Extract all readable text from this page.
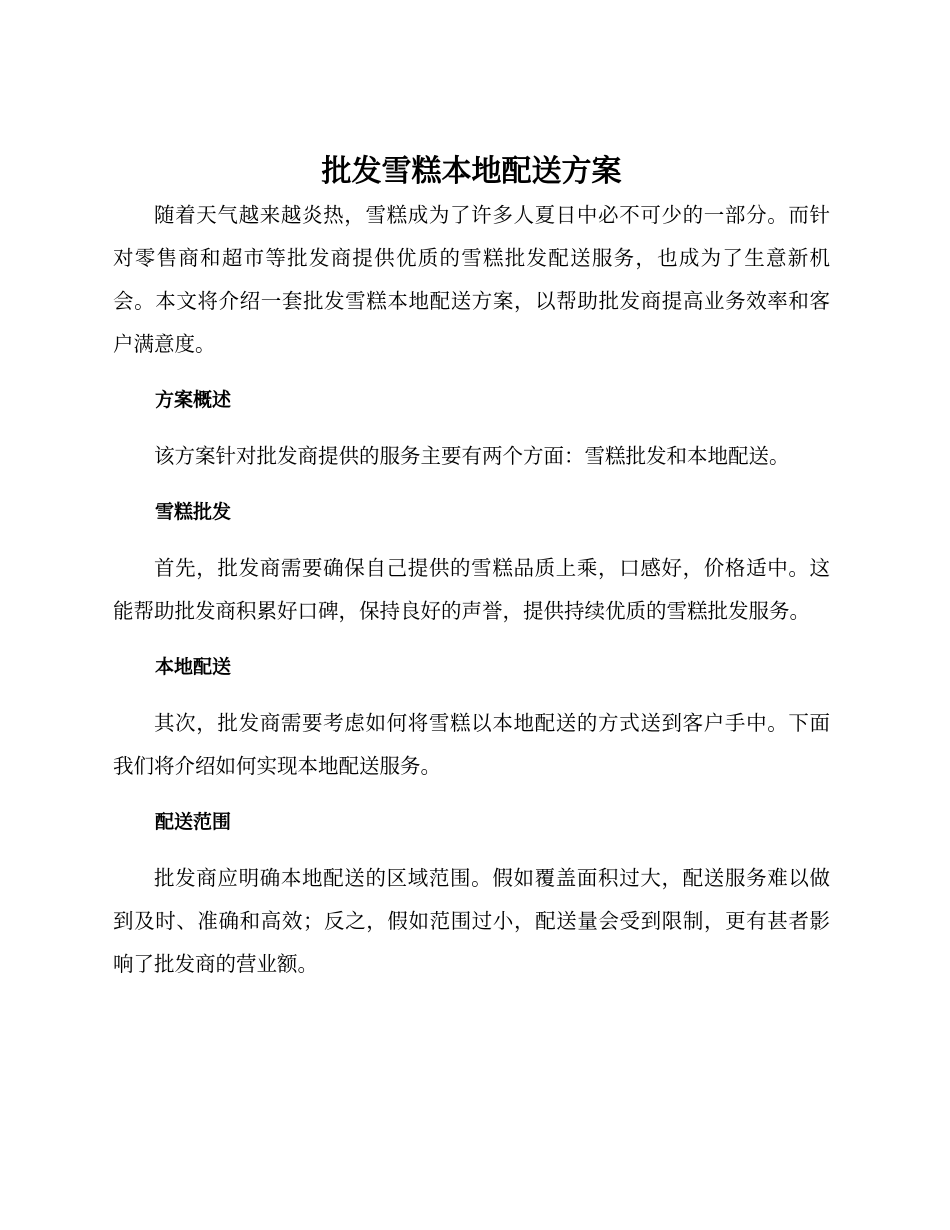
批发雪糕本地配送方案

随着天气越来越炎热，雪糕成为了许多人夏日中必不可少的一部分。而针对零售商和超市等批发商提供优质的雪糕批发配送服务，也成为了生意新机会。本文将介绍一套批发雪糕本地配送方案，以帮助批发商提高业务效率和客户满意度。

方案概述

该方案针对批发商提供的服务主要有两个方面：雪糕批发和本地配送。

雪糕批发

首先，批发商需要确保自己提供的雪糕品质上乘，口感好，价格适中。这能帮助批发商积累好口碑，保持良好的声誉，提供持续优质的雪糕批发服务。

本地配送

其次，批发商需要考虑如何将雪糕以本地配送的方式送到客户手中。下面我们将介绍如何实现本地配送服务。

配送范围

批发商应明确本地配送的区域范围。假如覆盖面积过大，配送服务难以做到及时、准确和高效；反之，假如范围过小，配送量会受到限制，更有甚者影响了批发商的营业额。
